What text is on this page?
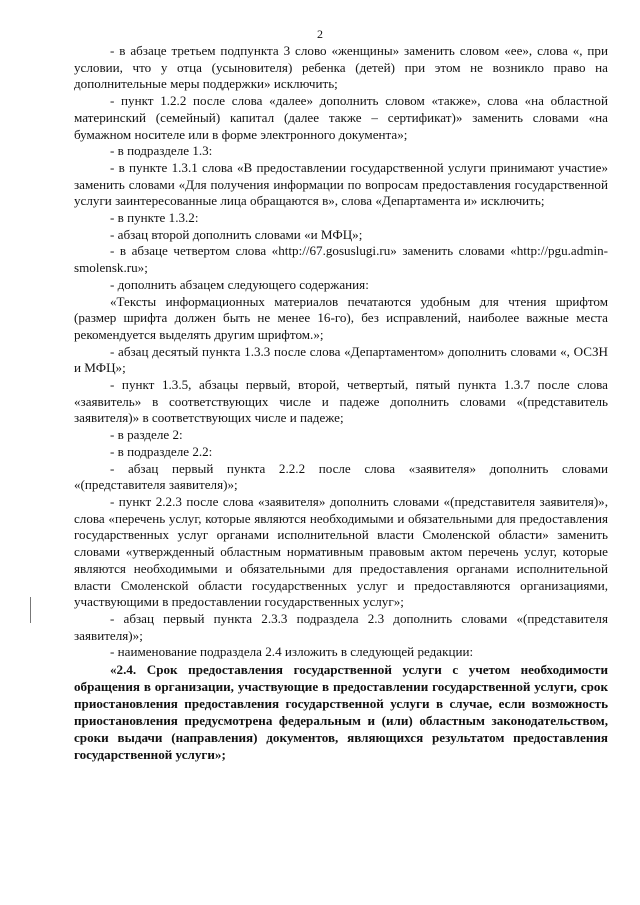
2

- в абзаце третьем подпункта 3 слово «женщины» заменить словом «ее», слова «, при условии, что у отца (усыновителя) ребенка (детей) при этом не возникло право на дополнительные меры поддержки» исключить;

- пункт 1.2.2 после слова «далее» дополнить словом «также», слова «на областной материнский (семейный) капитал (далее также – сертификат)» заменить словами «на бумажном носителе или в форме электронного документа»;

- в подразделе 1.3:

- в пункте 1.3.1 слова «В предоставлении государственной услуги принимают участие» заменить словами «Для получения информации по вопросам предоставления государственной услуги заинтересованные лица обращаются в», слова «Департамента и» исключить;

- в пункте 1.3.2:

- абзац второй дополнить словами «и МФЦ»;

- в абзаце четвертом слова «http://67.gosuslugi.ru» заменить словами «http://pgu.admin-smolensk.ru»;

- дополнить абзацем следующего содержания:

«Тексты информационных материалов печатаются удобным для чтения шрифтом (размер шрифта должен быть не менее 16-го), без исправлений, наиболее важные места рекомендуется выделять другим шрифтом.»;

- абзац десятый пункта 1.3.3 после слова «Департаментом» дополнить словами «, ОСЗН и МФЦ»;

- пункт 1.3.5, абзацы первый, второй, четвертый, пятый пункта 1.3.7 после слова «заявитель» в соответствующих числе и падеже дополнить словами «(представитель заявителя)» в соответствующих числе и падеже;

- в разделе 2:

- в подразделе 2.2:

- абзац первый пункта 2.2.2 после слова «заявителя» дополнить словами «(представителя заявителя)»;

- пункт 2.2.3 после слова «заявителя» дополнить словами «(представителя заявителя)», слова «перечень услуг, которые являются необходимыми и обязательными для предоставления государственных услуг органами исполнительной власти Смоленской области» заменить словами «утвержденный областным нормативным правовым актом перечень услуг, которые являются необходимыми и обязательными для предоставления органами исполнительной власти Смоленской области государственных услуг и предоставляются организациями, участвующими в предоставлении государственных услуг»;

- абзац первый пункта 2.3.3 подраздела 2.3 дополнить словами «(представителя заявителя)»;

- наименование подраздела 2.4 изложить в следующей редакции:

«2.4. Срок предоставления государственной услуги с учетом необходимости обращения в организации, участвующие в предоставлении государственной услуги, срок приостановления предоставления государственной услуги в случае, если возможность приостановления предусмотрена федеральным и (или) областным законодательством, сроки выдачи (направления) документов, являющихся результатом предоставления государственной услуги»;
